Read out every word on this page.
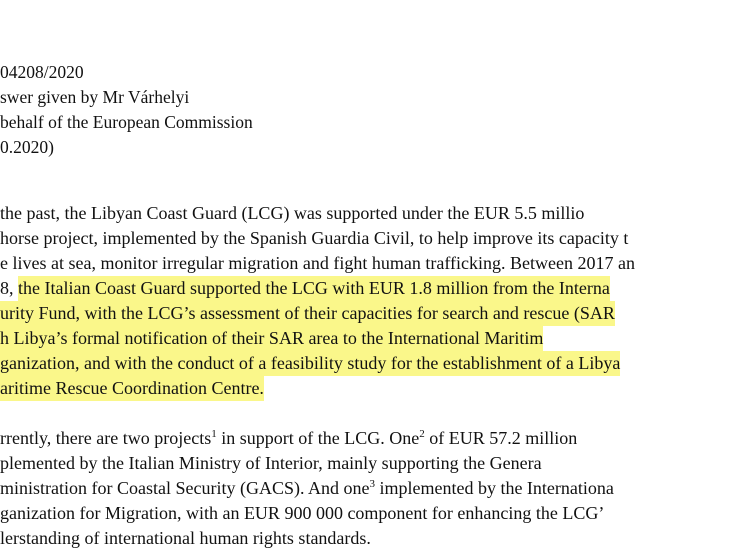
04208/2020
swer given by Mr Várhelyi
behalf of the European Commission
0.2020)
the past, the Libyan Coast Guard (LCG) was supported under the EUR 5.5 millio
horse project, implemented by the Spanish Guardia Civil, to help improve its capacity t
e lives at sea, monitor irregular migration and fight human trafficking. Between 2017 an
8, the Italian Coast Guard supported the LCG with EUR 1.8 million from the Interna
urity Fund, with the LCG’s assessment of their capacities for search and rescue (SAR
h Libya’s formal notification of their SAR area to the International Maritim
ganization, and with the conduct of a feasibility study for the establishment of a Libya
aritime Rescue Coordination Centre.
rrently, there are two projects$^1$ in support of the LCG. One$^2$ of EUR 57.2 million
plemented by the Italian Ministry of Interior, mainly supporting the Genera
ministration for Coastal Security (GACS). And one$^3$ implemented by the Internationa
ganization for Migration, with an EUR 900 000 component for enhancing the LCG’
lerstanding of international human rights standards.
